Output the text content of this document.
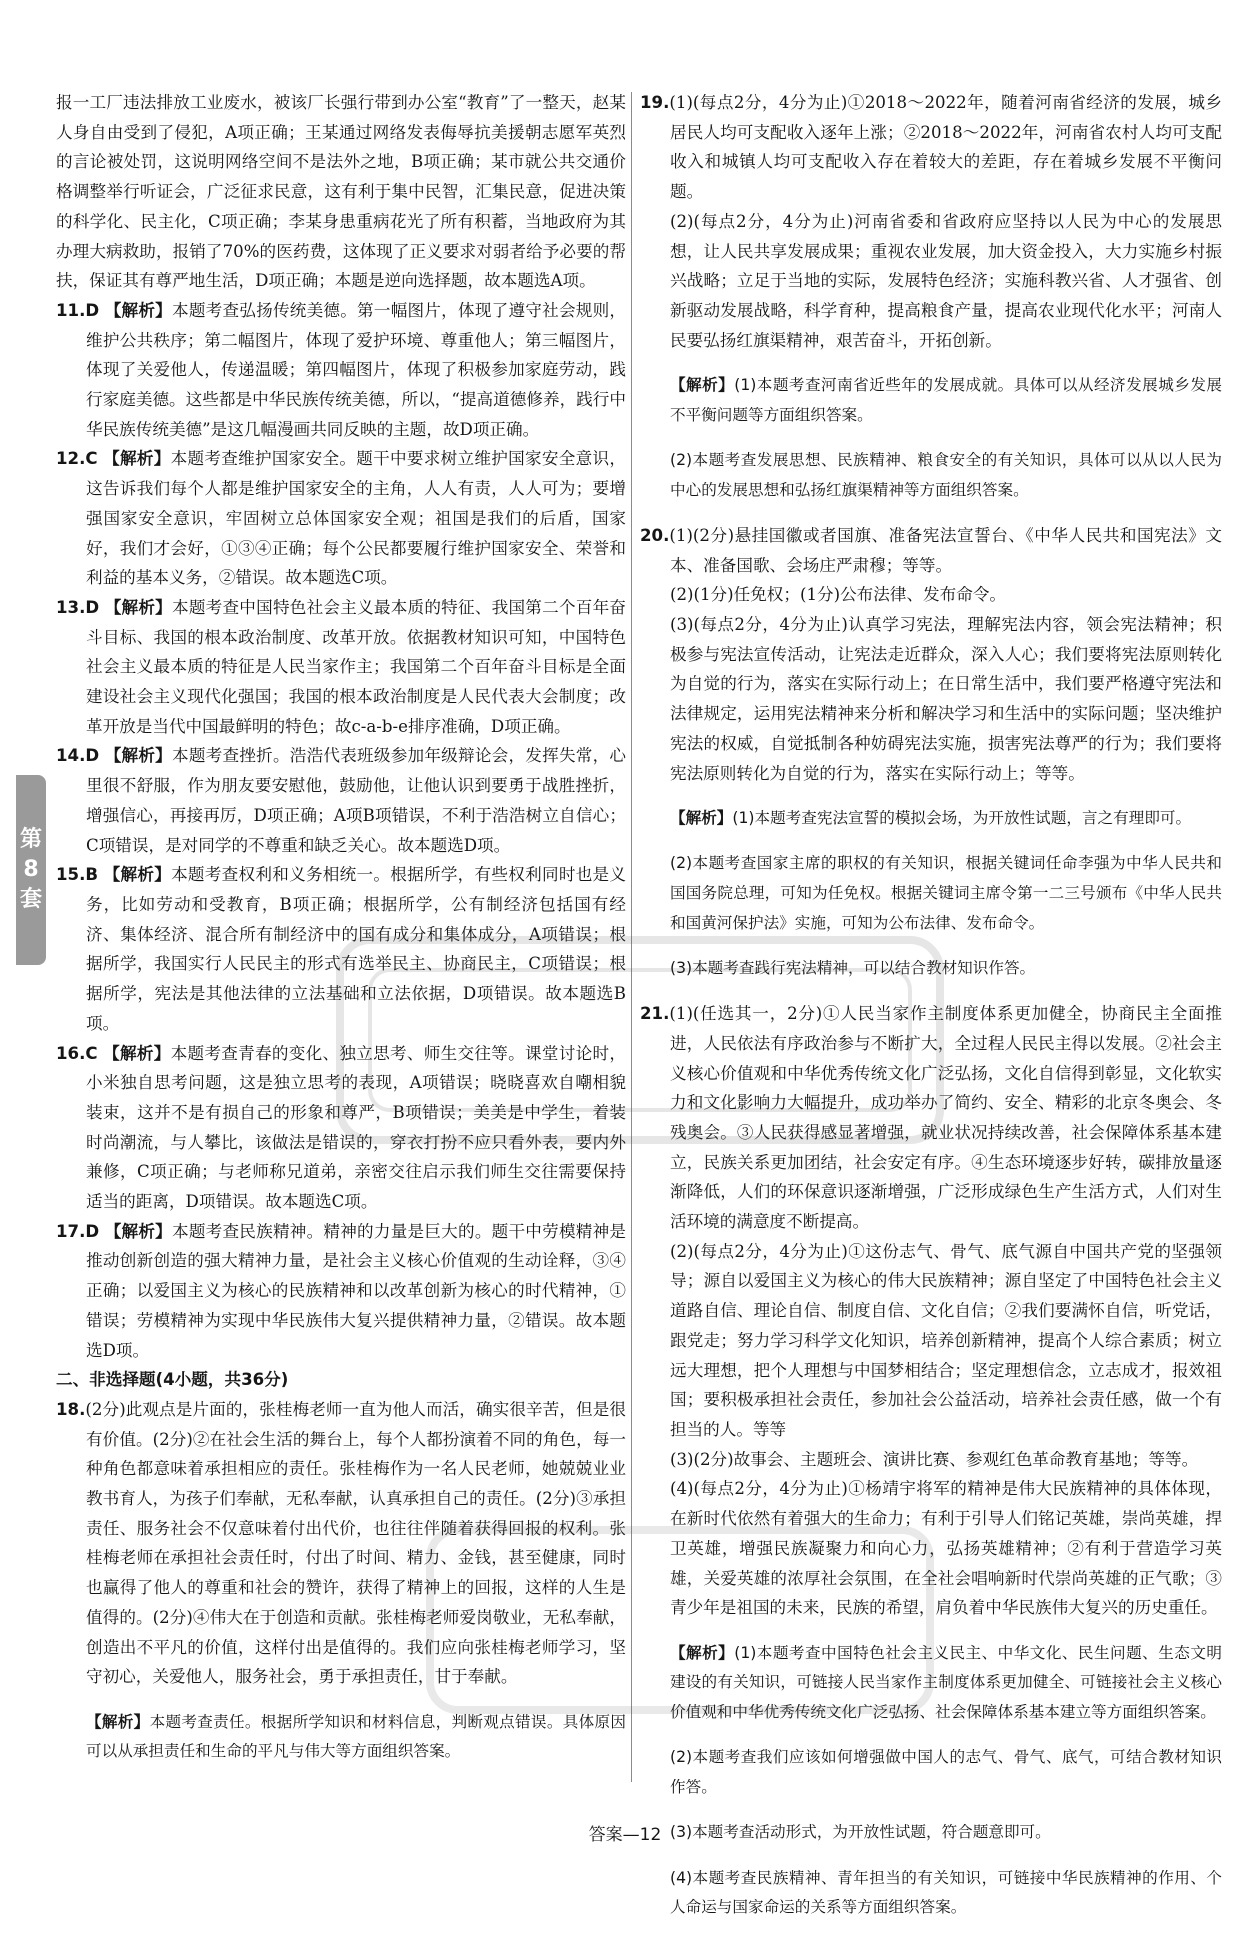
报一工厂违法排放工业废水，被该厂长强行带到办公室“教育”了一整天，赵某人身自由受到了侵犯，A项正确；王某通过网络发表侮辱抗美援朝志愿军英烈的言论被处罚，这说明网络空间不是法外之地，B项正确；某市就公共交通价格调整举行听证会，广泛征求民意，这有利于集中民智，汇集民意，促进决策的科学化、民主化，C项正确；李某身患重病花光了所有积蓄，当地政府为其办理大病救助，报销了70%的医药费，这体现了正义要求对弱者给予必要的帮扶，保证其有尊严地生活，D项正确；本题是逆向选择题，故本题选A项。

11.D 【解析】本题考查弘扬传统美德。第一幅图片，体现了遵守社会规则，维护公共秩序；第二幅图片，体现了爱护环境、尊重他人；第三幅图片，体现了关爱他人，传递温暖；第四幅图片，体现了积极参加家庭劳动，践行家庭美德。这些都是中华民族传统美德，所以，“提高道德修养，践行中华民族传统美德”是这几幅漫画共同反映的主题，故D项正确。

12.C 【解析】本题考查维护国家安全。题干中要求树立维护国家安全意识，这告诉我们每个人都是维护国家安全的主角，人人有责，人人可为；要增强国家安全意识，牢固树立总体国家安全观；祖国是我们的后盾，国家好，我们才会好，①③④正确；每个公民都要履行维护国家安全、荣誉和利益的基本义务，②错误。故本题选C项。

13.D 【解析】本题考查中国特色社会主义最本质的特征、我国第二个百年奋斗目标、我国的根本政治制度、改革开放。依据教材知识可知，中国特色社会主义最本质的特征是人民当家作主；我国第二个百年奋斗目标是全面建设社会主义现代化强国；我国的根本政治制度是人民代表大会制度；改革开放是当代中国最鲜明的特色；故c-a-b-e排序准确，D项正确。

14.D 【解析】本题考查挫折。浩浩代表班级参加年级辩论会，发挥失常，心里很不舒服，作为朋友要安慰他，鼓励他，让他认识到要勇于战胜挫折，增强信心，再接再厉，D项正确；A项B项错误，不利于浩浩树立自信心；C项错误，是对同学的不尊重和缺乏关心。故本题选D项。

15.B 【解析】本题考查权利和义务相统一。根据所学，有些权利同时也是义务，比如劳动和受教育，B项正确；根据所学，公有制经济包括国有经济、集体经济、混合所有制经济中的国有成分和集体成分，A项错误；根据所学，我国实行人民民主的形式有选举民主、协商民主，C项错误；根据所学，宪法是其他法律的立法基础和立法依据，D项错误。故本题选B项。

16.C 【解析】本题考查青春的变化、独立思考、师生交往等。课堂讨论时，小米独自思考问题，这是独立思考的表现，A项错误；晓晓喜欢自嘲相貌装束，这并不是有损自己的形象和尊严，B项错误；美美是中学生，着装时尚潮流，与人攀比，该做法是错误的，穿衣打扮不应只看外表，要内外兼修，C项正确；与老师称兄道弟，亲密交往启示我们师生交往需要保持适当的距离，D项错误。故本题选C项。

17.D 【解析】本题考查民族精神。精神的力量是巨大的。题干中劳模精神是推动创新创造的强大精神力量，是社会主义核心价值观的生动诠释，③④正确；以爱国主义为核心的民族精神和以改革创新为核心的时代精神，①错误；劳模精神为实现中华民族伟大复兴提供精神力量，②错误。故本题选D项。

二、非选择题(4小题，共36分)

18.(2分)此观点是片面的，张桂梅老师一直为他人而活，确实很辛苦，但是很有价值。(2分)②在社会生活的舞台上，每个人都扮演着不同的角色，每一种角色都意味着承担相应的责任。张桂梅作为一名人民老师，她兢兢业业教书育人，为孩子们奉献，无私奉献，认真承担自己的责任。(2分)③承担责任、服务社会不仅意味着付出代价，也往往伴随着获得回报的权利。张桂梅老师在承担社会责任时，付出了时间、精力、金钱，甚至健康，同时也赢得了他人的尊重和社会的赞许，获得了精神上的回报，这样的人生是值得的。(2分)④伟大在于创造和贡献。张桂梅老师爱岗敬业，无私奉献，创造出不平凡的价值，这样付出是值得的。我们应向张桂梅老师学习，坚守初心，关爱他人，服务社会，勇于承担责任，甘于奉献。

【解析】本题考查责任。根据所学知识和材料信息，判断观点错误。具体原因可以从承担责任和生命的平凡与伟大等方面组织答案。

19.(1)(每点2分，4分为止)①2018～2022年，随着河南省经济的发展，城乡居民人均可支配收入逐年上涨；②2018～2022年，河南省农村人均可支配收入和城镇人均可支配收入存在着较大的差距，存在着城乡发展不平衡问题。

(2)(每点2分，4分为止)河南省委和省政府应坚持以人民为中心的发展思想，让人民共享发展成果；重视农业发展，加大资金投入，大力实施乡村振兴战略；立足于当地的实际，发展特色经济；实施科教兴省、人才强省、创新驱动发展战略，科学育种，提高粮食产量，提高农业现代化水平；河南人民要弘扬红旗渠精神，艰苦奋斗，开拓创新。

【解析】(1)本题考查河南省近些年的发展成就。具体可以从经济发展城乡发展不平衡问题等方面组织答案。

(2)本题考查发展思想、民族精神、粮食安全的有关知识，具体可以从以人民为中心的发展思想和弘扬红旗渠精神等方面组织答案。

20.(1)(2分)悬挂国徽或者国旗、准备宪法宣誓台、《中华人民共和国宪法》文本、准备国歌、会场庄严肃穆；等等。

(2)(1分)任免权；(1分)公布法律、发布命令。

(3)(每点2分，4分为止)认真学习宪法，理解宪法内容，领会宪法精神；积极参与宪法宣传活动，让宪法走近群众，深入人心；我们要将宪法原则转化为自觉的行为，落实在实际行动上；在日常生活中，我们要严格遵守宪法和法律规定，运用宪法精神来分析和解决学习和生活中的实际问题；坚决维护宪法的权威，自觉抵制各种妨碍宪法实施，损害宪法尊严的行为；我们要将宪法原则转化为自觉的行为，落实在实际行动上；等等。

【解析】(1)本题考查宪法宣誓的模拟会场，为开放性试题，言之有理即可。

(2)本题考查国家主席的职权的有关知识，根据关键词任命李强为中华人民共和国国务院总理，可知为任免权。根据关键词主席令第一二三号颁布《中华人民共和国黄河保护法》实施，可知为公布法律、发布命令。

(3)本题考查践行宪法精神，可以结合教材知识作答。

21.(1)(任选其一，2分)①人民当家作主制度体系更加健全，协商民主全面推进，人民依法有序政治参与不断扩大，全过程人民民主得以发展。②社会主义核心价值观和中华优秀传统文化广泛弘扬，文化自信得到彰显，文化软实力和文化影响力大幅提升，成功举办了简约、安全、精彩的北京冬奥会、冬残奥会。③人民获得感显著增强，就业状况持续改善，社会保障体系基本建立，民族关系更加团结，社会安定有序。④生态环境逐步好转，碳排放量逐渐降低，人们的环保意识逐渐增强，广泛形成绿色生产生活方式，人们对生活环境的满意度不断提高。

(2)(每点2分，4分为止)①这份志气、骨气、底气源自中国共产党的坚强领导；源自以爱国主义为核心的伟大民族精神；源自坚定了中国特色社会主义道路自信、理论自信、制度自信、文化自信；②我们要满怀自信，听党话，跟党走；努力学习科学文化知识，培养创新精神，提高个人综合素质；树立远大理想，把个人理想与中国梦相结合；坚定理想信念，立志成才，报效祖国；要积极承担社会责任，参加社会公益活动，培养社会责任感，做一个有担当的人。等等

(3)(2分)故事会、主题班会、演讲比赛、参观红色革命教育基地；等等。

(4)(每点2分，4分为止)①杨靖宇将军的精神是伟大民族精神的具体体现，在新时代依然有着强大的生命力；有利于引导人们铭记英雄，崇尚英雄，捍卫英雄，增强民族凝聚力和向心力，弘扬英雄精神；②有利于营造学习英雄，关爱英雄的浓厚社会氛围，在全社会唱响新时代崇尚英雄的正气歌；③青少年是祖国的未来，民族的希望，肩负着中华民族伟大复兴的历史重任。

【解析】(1)本题考查中国特色社会主义民主、中华文化、民生问题、生态文明建设的有关知识，可链接人民当家作主制度体系更加健全、可链接社会主义核心价值观和中华优秀传统文化广泛弘扬、社会保障体系基本建立等方面组织答案。

(2)本题考查我们应该如何增强做中国人的志气、骨气、底气，可结合教材知识作答。

(3)本题考查活动形式，为开放性试题，符合题意即可。

(4)本题考查民族精神、青年担当的有关知识，可链接中华民族精神的作用、个人命运与国家命运的关系等方面组织答案。

第
8
套
答案—12
